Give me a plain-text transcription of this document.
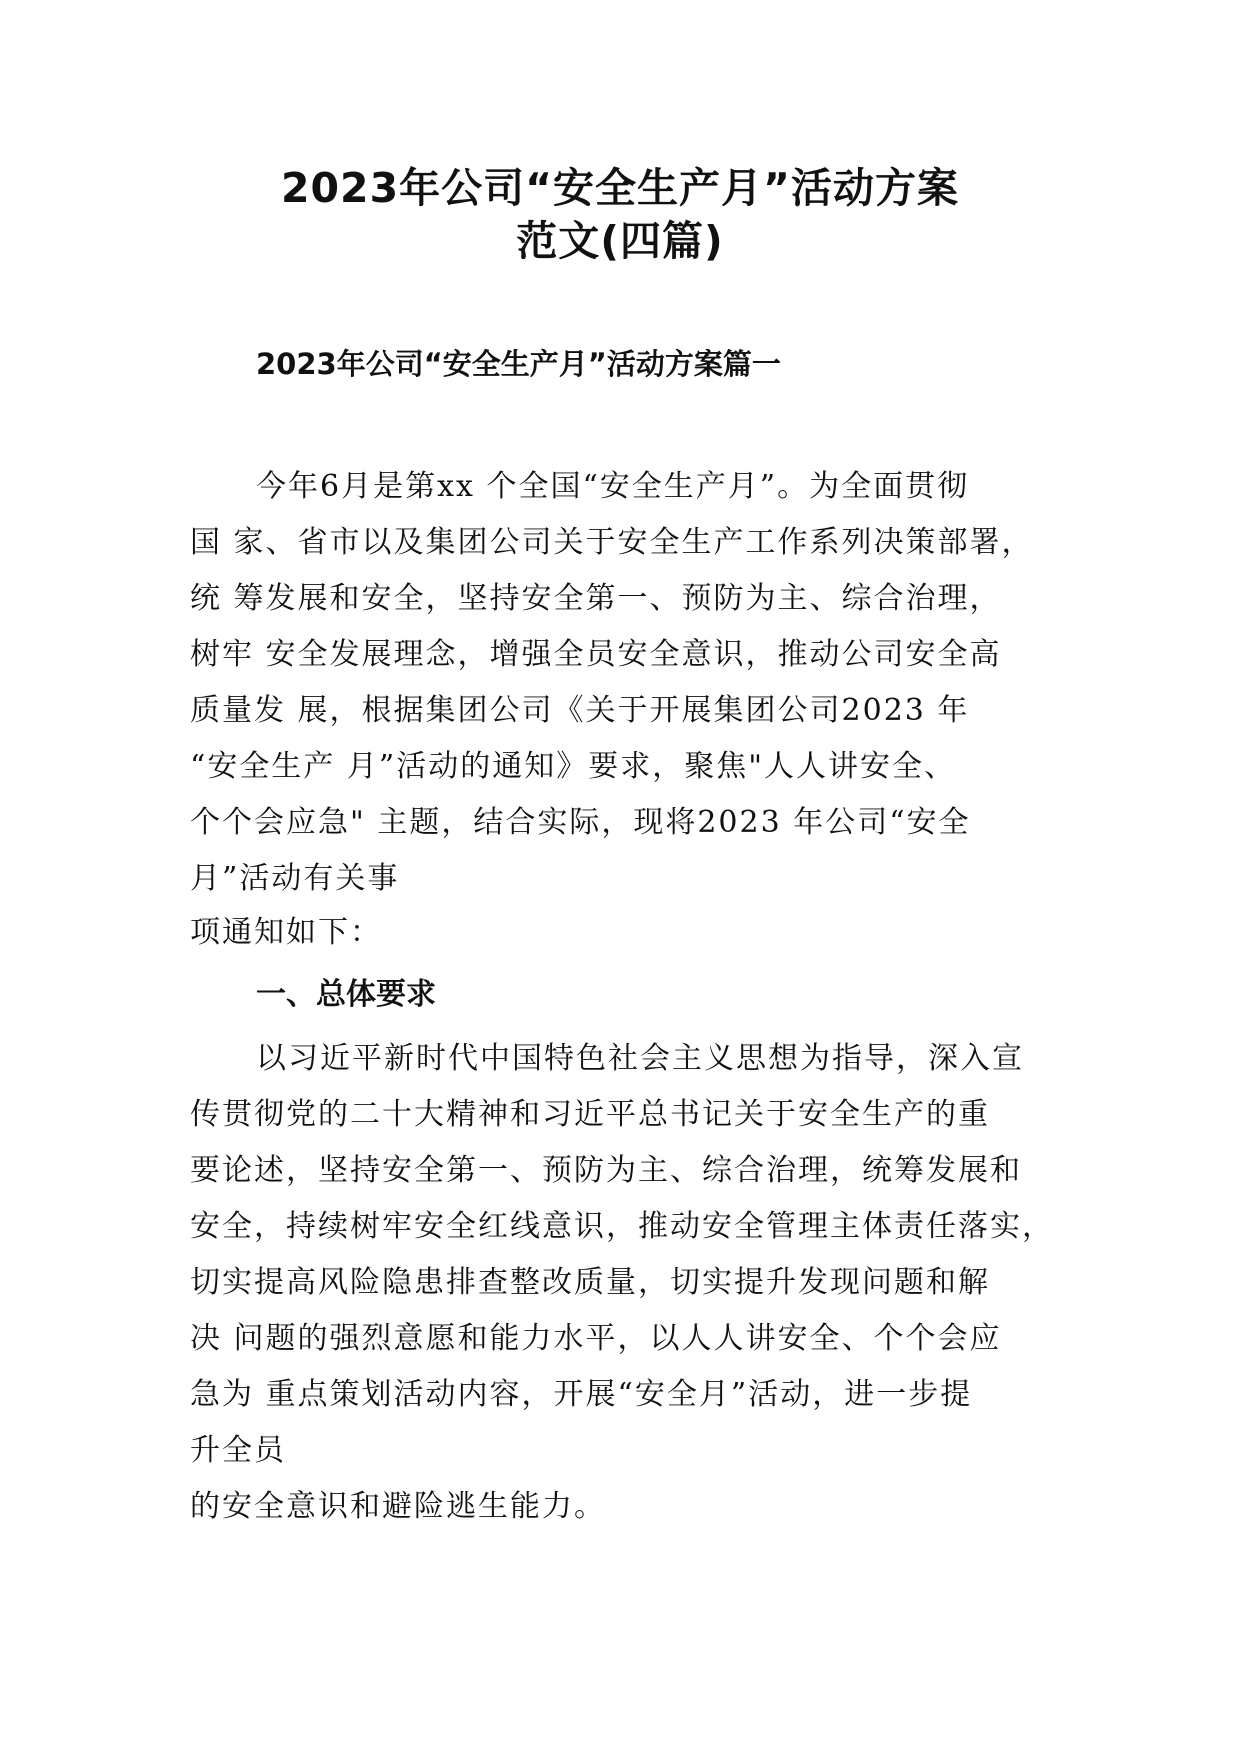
2023年公司“安全生产月”活动方案
范文(四篇)
2023年公司“安全生产月”活动方案篇一

今年6月是第xx 个全国“安全生产月”。为全面贯彻

国 家、省市以及集团公司关于安全生产工作系列决策部署，

统 筹发展和安全，坚持安全第一、预防为主、综合治理，

树牢 安全发展理念，增强全员安全意识，推动公司安全高

质量发 展，根据集团公司《关于开展集团公司2023 年

“安全生产 月”活动的通知》要求，聚焦"人人讲安全、

个个会应急" 主题，结合实际，现将2023 年公司“安全

月”活动有关事

项通知如下：

一、总体要求

以习近平新时代中国特色社会主义思想为指导，深入宣

传贯彻党的二十大精神和习近平总书记关于安全生产的重

要论述，坚持安全第一、预防为主、综合治理，统筹发展和

安全，持续树牢安全红线意识，推动安全管理主体责任落实，

切实提高风险隐患排查整改质量，切实提升发现问题和解

决 问题的强烈意愿和能力水平，以人人讲安全、个个会应

急为 重点策划活动内容，开展“安全月”活动，进一步提

升全员

的安全意识和避险逃生能力。
